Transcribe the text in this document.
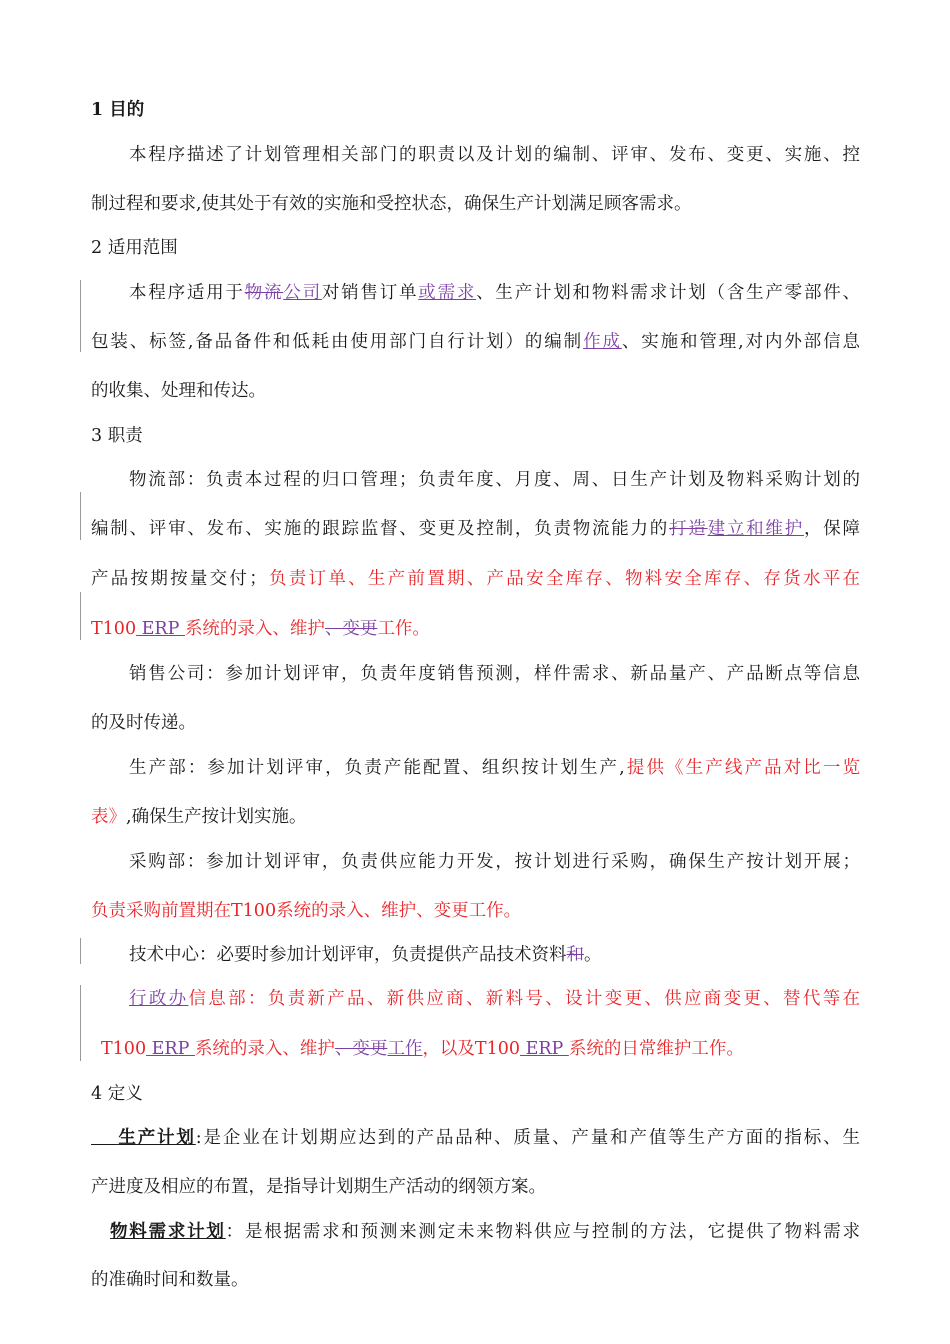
1 目的
本程序描述了计划管理相关部门的职责以及计划的编制、评审、发布、变更、实施、控
制过程和要求,使其处于有效的实施和受控状态，确保生产计划满足顾客需求。
2 适用范围
本程序适用于物流公司对销售订单或需求、生产计划和物料需求计划（含生产零部件、
包装、标签,备品备件和低耗由使用部门自行计划）的编制作成、实施和管理,对内外部信息
的收集、处理和传达。
3 职责
物流部：负责本过程的归口管理；负责年度、月度、周、日生产计划及物料采购计划的
编制、评审、发布、实施的跟踪监督、变更及控制，负责物流能力的打造建立和维护，保障
产品按期按量交付；负责订单、生产前置期、产品安全库存、物料安全库存、存货水平在
T100 ERP 系统的录入、维护、变更工作。
销售公司：参加计划评审，负责年度销售预测，样件需求、新品量产、产品断点等信息
的及时传递。
生产部：参加计划评审，负责产能配置、组织按计划生产,提供《生产线产品对比一览
表》,确保生产按计划实施。
采购部：参加计划评审，负责供应能力开发，按计划进行采购，确保生产按计划开展；
负责采购前置期在T100系统的录入、维护、变更工作。
技术中心：必要时参加计划评审，负责提供产品技术资料和。
行政办信息部：负责新产品、新供应商、新料号、设计变更、供应商变更、替代等在
T100 ERP 系统的录入、维护、变更工作，以及T100 ERP 系统的日常维护工作。
4 定义
　 生产计划:是企业在计划期应达到的产品品种、质量、产量和产值等生产方面的指标、生
产进度及相应的布置，是指导计划期生产活动的纲领方案。
物料需求计划：是根据需求和预测来测定未来物料供应与控制的方法，它提供了物料需求
的准确时间和数量。
